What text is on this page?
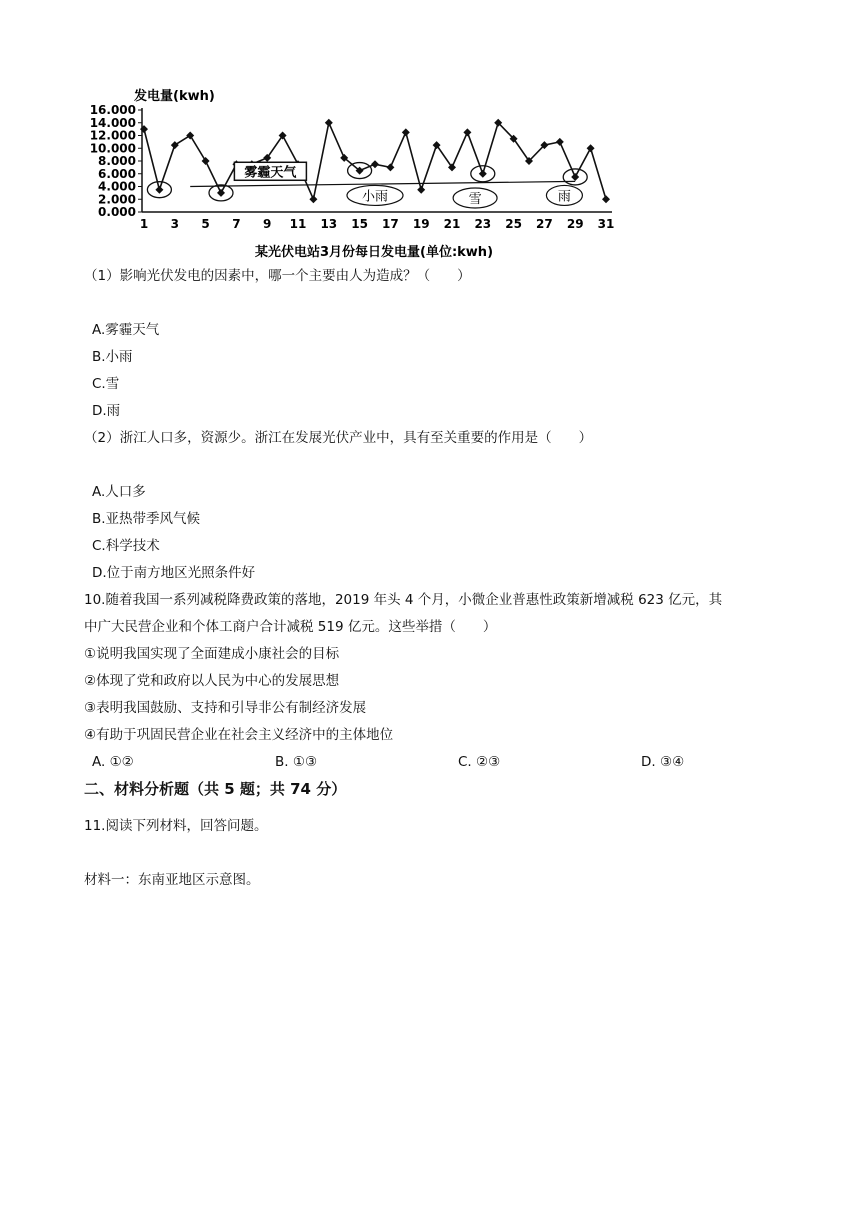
发电量(kwh)
0.000
2.000
4.000
6.000
8.000
10.000
12.000
14.000
16.000
1 3 5 7 9 11 13 15 17 19 21 23 25 27 29 31
雾霾天气
小雨	雪	雨
某光伏电站3月份每日发电量(单位:kwh)
（1）影响光伏发电的因素中，哪一个主要由人为造成？（　　）
A.雾霾天气
B.小雨
C.雪
D.雨
（2）浙江人口多，资源少。浙江在发展光伏产业中，具有至关重要的作用是（　　）
A.人口多
B.亚热带季风气候
C.科学技术
D.位于南方地区光照条件好
10.随着我国一系列减税降费政策的落地，2019 年头 4 个月，小微企业普惠性政策新增减税 623 亿元，其
中广大民营企业和个体工商户合计减税 519 亿元。这些举措（　　）
①说明我国实现了全面建成小康社会的目标
②体现了党和政府以人民为中心的发展思想
③表明我国鼓励、支持和引导非公有制经济发展
④有助于巩固民营企业在社会主义经济中的主体地位
A. ①②	B. ①③	C. ②③	D. ③④
二、材料分析题（共 5 题；共 74 分）
11.阅读下列材料，回答问题。
材料一：东南亚地区示意图。
